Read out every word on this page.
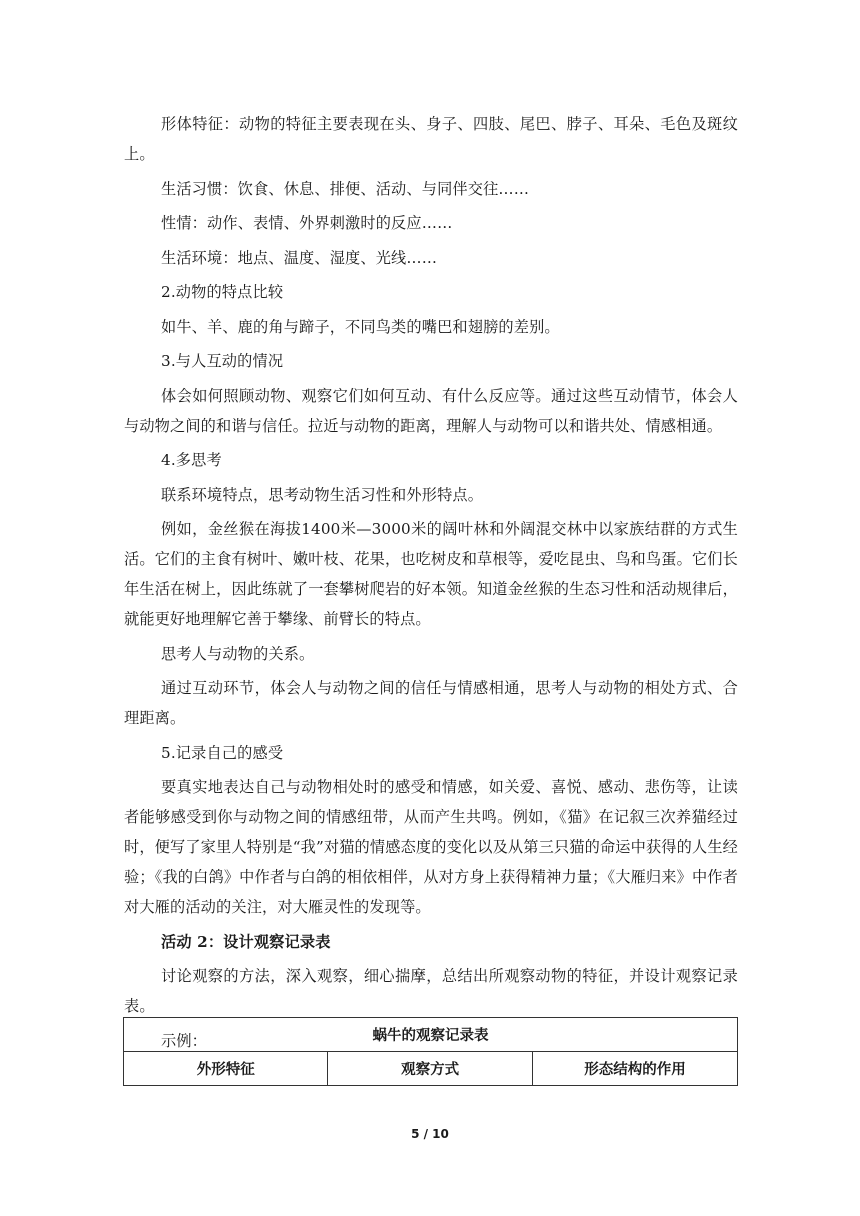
形体特征：动物的特征主要表现在头、身子、四肢、尾巴、脖子、耳朵、毛色及斑纹上。

生活习惯：饮食、休息、排便、活动、与同伴交往……

性情：动作、表情、外界刺激时的反应……

生活环境：地点、温度、湿度、光线……

2.动物的特点比较

如牛、羊、鹿的角与蹄子，不同鸟类的嘴巴和翅膀的差别。

3.与人互动的情况

体会如何照顾动物、观察它们如何互动、有什么反应等。通过这些互动情节，体会人与动物之间的和谐与信任。拉近与动物的距离，理解人与动物可以和谐共处、情感相通。

4.多思考

联系环境特点，思考动物生活习性和外形特点。

例如，金丝猴在海拔1400米—3000米的阔叶林和外阔混交林中以家族结群的方式生活。它们的主食有树叶、嫩叶枝、花果，也吃树皮和草根等，爱吃昆虫、鸟和鸟蛋。它们长年生活在树上，因此练就了一套攀树爬岩的好本领。知道金丝猴的生态习性和活动规律后，就能更好地理解它善于攀缘、前臂长的特点。

思考人与动物的关系。

通过互动环节，体会人与动物之间的信任与情感相通，思考人与动物的相处方式、合理距离。

5.记录自己的感受

要真实地表达自己与动物相处时的感受和情感，如关爱、喜悦、感动、悲伤等，让读者能够感受到你与动物之间的情感纽带，从而产生共鸣。例如，《猫》在记叙三次养猫经过时，便写了家里人特别是“我”对猫的情感态度的变化以及从第三只猫的命运中获得的人生经验；《我的白鸽》中作者与白鸽的相依相伴，从对方身上获得精神力量；《大雁归来》中作者对大雁的活动的关注，对大雁灵性的发现等。

活动 2：设计观察记录表

讨论观察的方法，深入观察，细心揣摩，总结出所观察动物的特征，并设计观察记录表。

示例：	蜗牛的观察记录表
外形特征	观察方式	形态结构的作用
5 / 10
